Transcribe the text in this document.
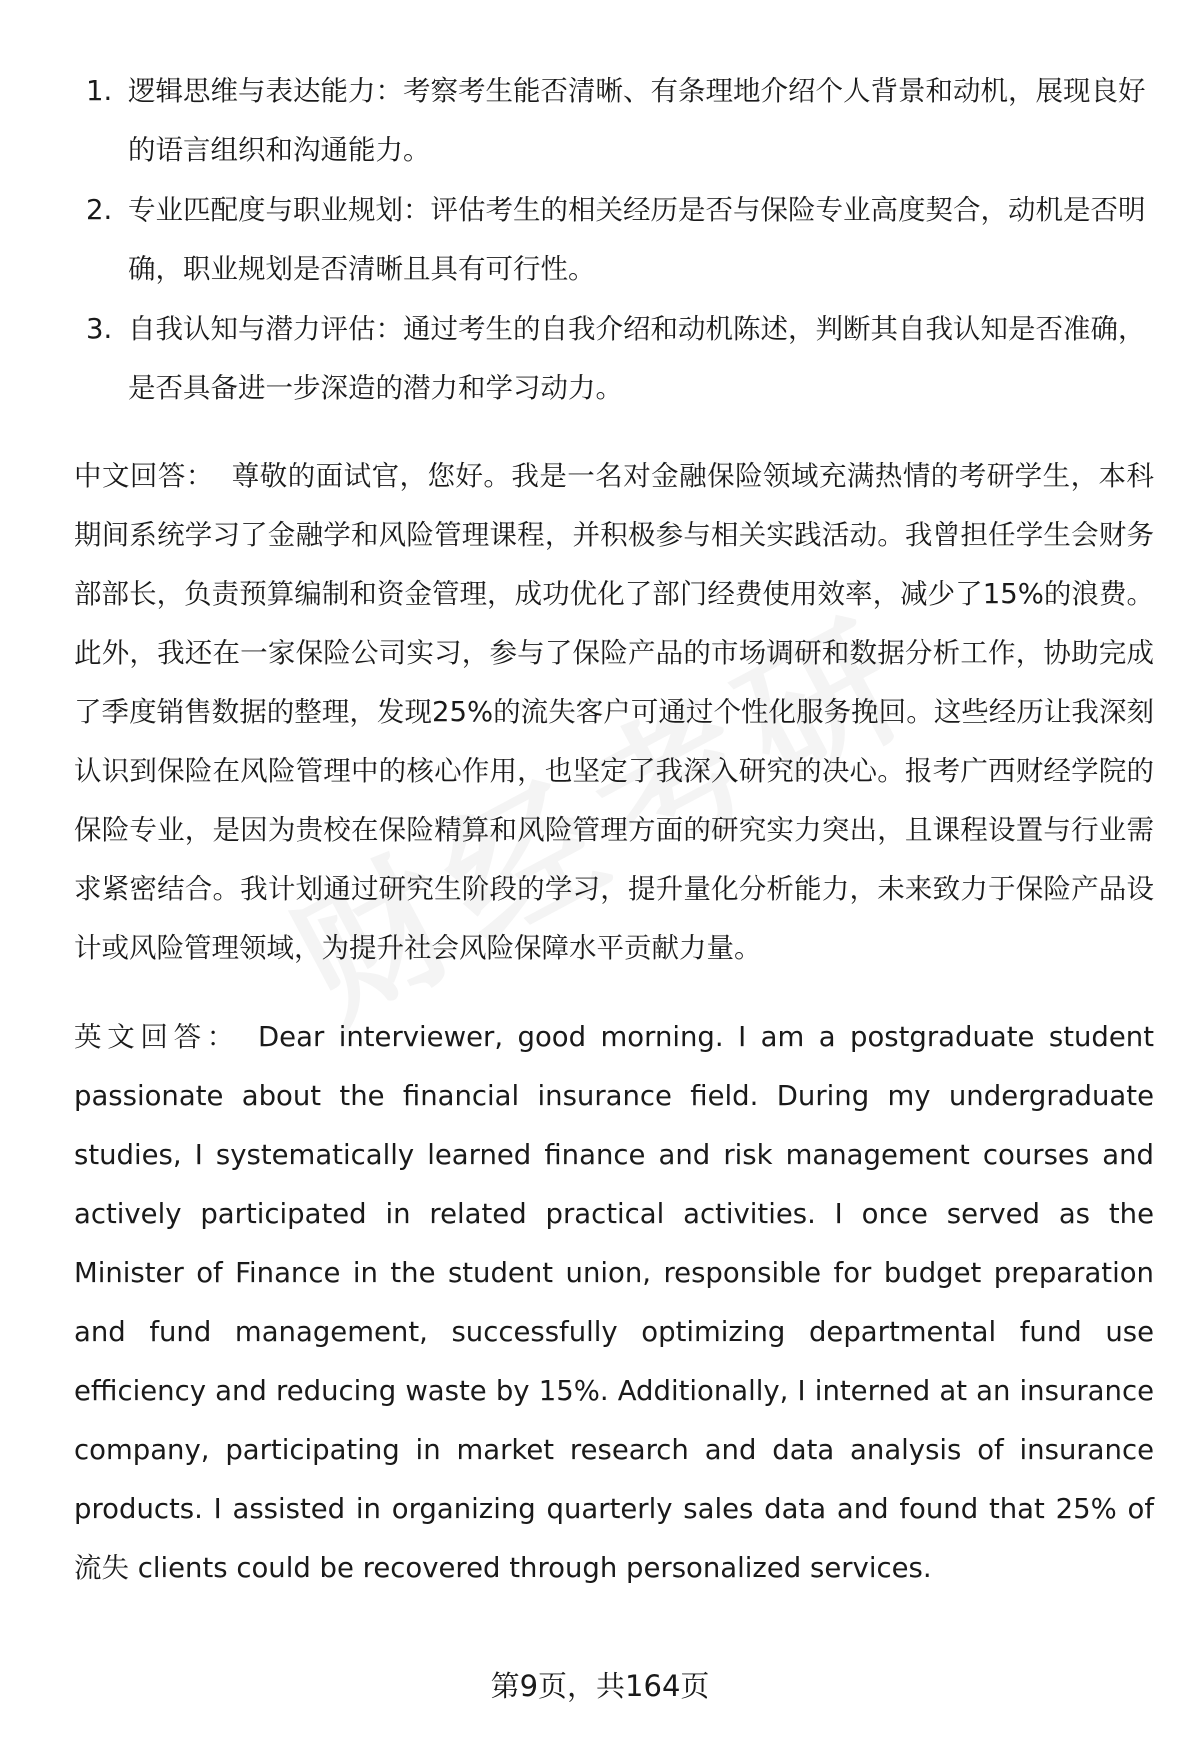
1. 逻辑思维与表达能力：考察考生能否清晰、有条理地介绍个人背景和动机，展现良好的语言组织和沟通能力。
2. 专业匹配度与职业规划：评估考生的相关经历是否与保险专业高度契合，动机是否明确，职业规划是否清晰且具有可行性。
3. 自我认知与潜力评估：通过考生的自我介绍和动机陈述，判断其自我认知是否准确，是否具备进一步深造的潜力和学习动力。

中文回答： 尊敬的面试官，您好。我是一名对金融保险领域充满热情的考研学生，本科期间系统学习了金融学和风险管理课程，并积极参与相关实践活动。我曾担任学生会财务部部长，负责预算编制和资金管理，成功优化了部门经费使用效率，减少了15%的浪费。此外，我还在一家保险公司实习，参与了保险产品的市场调研和数据分析工作，协助完成了季度销售数据的整理，发现25%的流失客户可通过个性化服务挽回。这些经历让我深刻认识到保险在风险管理中的核心作用，也坚定了我深入研究的决心。报考广西财经学院的保险专业，是因为贵校在保险精算和风险管理方面的研究实力突出，且课程设置与行业需求紧密结合。我计划通过研究生阶段的学习，提升量化分析能力，未来致力于保险产品设计或风险管理领域，为提升社会风险保障水平贡献力量。

英文回答： Dear interviewer, good morning. I am a postgraduate student passionate about the financial insurance field. During my undergraduate studies, I systematically learned finance and risk management courses and actively participated in related practical activities. I once served as the Minister of Finance in the student union, responsible for budget preparation and fund management, successfully optimizing departmental fund use efficiency and reducing waste by 15%. Additionally, I interned at an insurance company, participating in market research and data analysis of insurance products. I assisted in organizing quarterly sales data and found that 25% of流失 clients could be recovered through personalized services.

第9页，共164页
